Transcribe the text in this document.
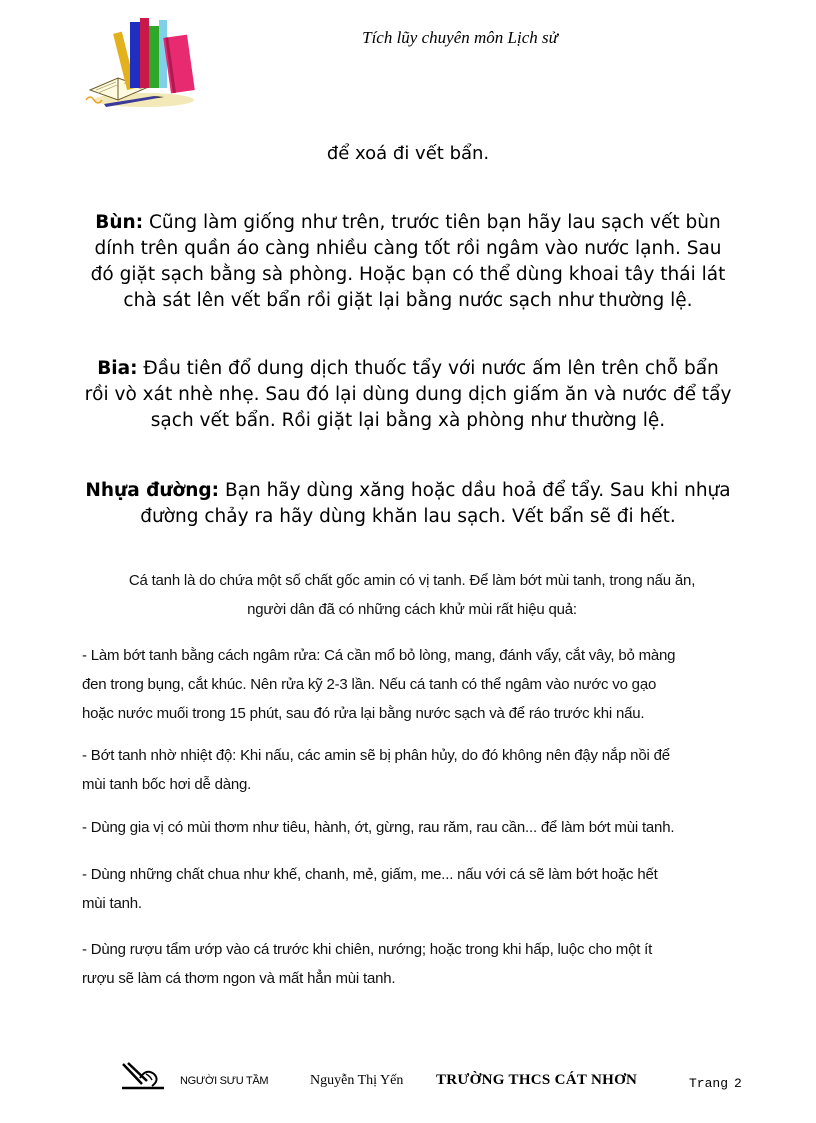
Tích lũy chuyên môn Lịch sử
để xoá đi vết bẩn.
Bùn: Cũng làm giống như trên, trước tiên bạn hãy lau sạch vết bùn
dính trên quần áo càng nhiều càng tốt rồi ngâm vào nước lạnh. Sau
đó giặt sạch bằng sà phòng. Hoặc bạn có thể dùng khoai tây thái lát
chà sát lên vết bẩn rồi giặt lại bằng nước sạch như thường lệ.
Bia: Đầu tiên đổ dung dịch thuốc tẩy với nước ấm lên trên chỗ bẩn
rồi vò xát nhè nhẹ. Sau đó lại dùng dung dịch giấm ăn và nước để tẩy
sạch vết bẩn. Rồi giặt lại bằng xà phòng như thường lệ.
Nhựa đường: Bạn hãy dùng xăng hoặc dầu hoả để tẩy. Sau khi nhựa
đường chảy ra hãy dùng khăn lau sạch. Vết bẩn sẽ đi hết.
Cá tanh là do chứa một số chất gốc amin có vị tanh. Để làm bớt mùi tanh, trong nấu ăn,
người dân đã có những cách khử mùi rất hiệu quả:
- Làm bớt tanh bằng cách ngâm rửa: Cá cần mổ bỏ lòng, mang, đánh vẩy, cắt vây, bỏ màng
đen trong bụng, cắt khúc. Nên rửa kỹ 2-3 lần. Nếu cá tanh có thể ngâm vào nước vo gạo
hoặc nước muối trong 15 phút, sau đó rửa lại bằng nước sạch và để ráo trước khi nấu.
- Bớt tanh nhờ nhiệt độ: Khi nấu, các amin sẽ bị phân hủy, do đó không nên đậy nắp nồi để
mùi tanh bốc hơi dễ dàng.
- Dùng gia vị có mùi thơm như tiêu, hành, ớt, gừng, rau răm, rau cần... để làm bớt mùi tanh.
- Dùng những chất chua như khế, chanh, mẻ, giấm, me... nấu với cá sẽ làm bớt hoặc hết
mùi tanh.
- Dùng rượu tẩm ướp vào cá trước khi chiên, nướng; hoặc trong khi hấp, luộc cho một ít
rượu sẽ làm cá thơm ngon và mất hẳn mùi tanh.
NGƯỜI SƯU TẦM	Nguyễn Thị Yến TRƯỜNG THCS CÁT NHƠN	Trang 2
